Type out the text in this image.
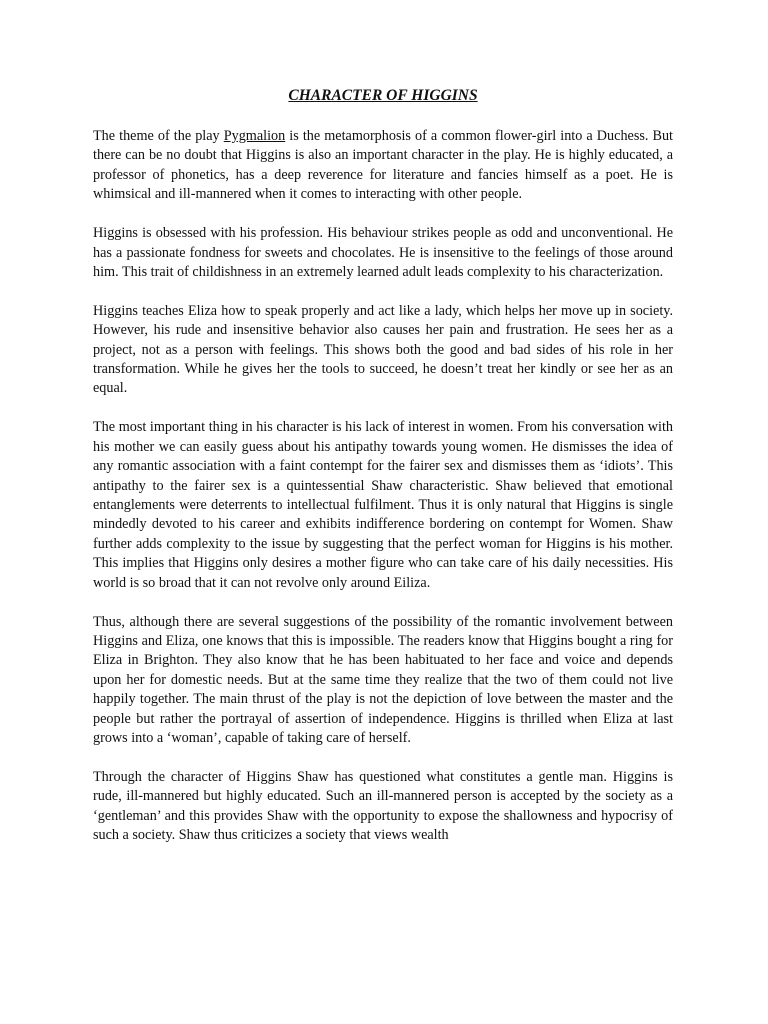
CHARACTER OF HIGGINS

The theme of the play Pygmalion is the metamorphosis of a common flower-girl into a Duchess. But there can be no doubt that Higgins is also an important character in the play. He is highly educated, a professor of phonetics, has a deep reverence for literature and fancies himself as a poet. He is whimsical and ill-mannered when it comes to interacting with other people.

Higgins is obsessed with his profession. His behaviour strikes people as odd and unconventional. He has a passionate fondness for sweets and chocolates. He is insensitive to the feelings of those around him. This trait of childishness in an extremely learned adult leads complexity to his characterization.

Higgins teaches Eliza how to speak properly and act like a lady, which helps her move up in society. However, his rude and insensitive behavior also causes her pain and frustration. He sees her as a project, not as a person with feelings. This shows both the good and bad sides of his role in her transformation. While he gives her the tools to succeed, he doesn’t treat her kindly or see her as an equal.

The most important thing in his character is his lack of interest in women. From his conversation with his mother we can easily guess about his antipathy towards young women. He dismisses the idea of any romantic association with a faint contempt for the fairer sex and dismisses them as ‘idiots’. This antipathy to the fairer sex is a quintessential Shaw characteristic. Shaw believed that emotional entanglements were deterrents to intellectual fulfilment. Thus it is only natural that Higgins is single mindedly devoted to his career and exhibits indifference bordering on contempt for Women. Shaw further adds complexity to the issue by suggesting that the perfect woman for Higgins is his mother. This implies that Higgins only desires a mother figure who can take care of his daily necessities. His world is so broad that it can not revolve only around Eiliza.

Thus, although there are several suggestions of the possibility of the romantic involvement between Higgins and Eliza, one knows that this is impossible. The readers know that Higgins bought a ring for Eliza in Brighton. They also know that he has been habituated to her face and voice and depends upon her for domestic needs. But at the same time they realize that the two of them could not live happily together. The main thrust of the play is not the depiction of love between the master and the people but rather the portrayal of assertion of independence. Higgins is thrilled when Eliza at last grows into a ‘woman’, capable of taking care of herself.

Through the character of Higgins Shaw has questioned what constitutes a gentle man. Higgins is rude, ill-mannered but highly educated. Such an ill-mannered person is accepted by the society as a ‘gentleman’ and this provides Shaw with the opportunity to expose the shallowness and hypocrisy of such a society. Shaw thus criticizes a society that views wealth
